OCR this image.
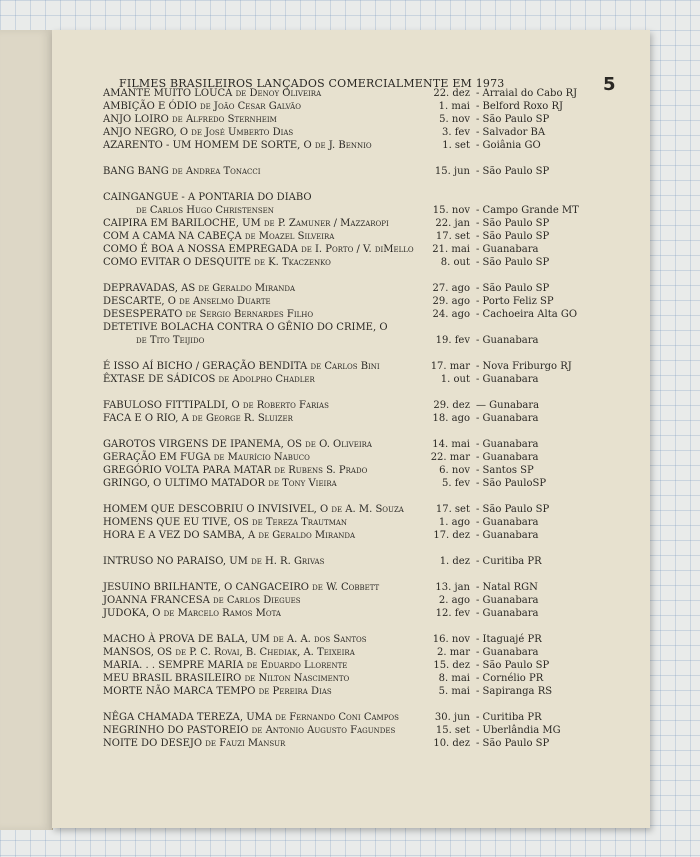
FILMES BRASILEIROS LANÇADOS COMERCIALMENTE EM 1973	5
AMANTE MUITO LOUCA de Denoy Oliveira	22. dez - Arraial do Cabo RJ
AMBIÇÃO E ÓDIO de João Cesar Galvão	1. mai - Belford Roxo RJ
ANJO LOIRO de Alfredo Sternheim	5. nov - São Paulo SP
ANJO NEGRO, O de José Umberto Dias	3. fev - Salvador BA
AZARENTO - UM HOMEM DE SORTE, O de J. Bennio	1. set - Goiânia GO
BANG BANG de Andrea Tonacci	15. jun - São Paulo SP
CAINGANGUE - A PONTARIA DO DIABO
de Carlos Hugo Christensen	15. nov - Campo Grande MT
CAIPIRA EM BARILOCHE, UM de P. Zamuner / Mazzaropi	22. jan - São Paulo SP
COM A CAMA NA CABEÇA de Moazel Silveira	17. set - São Paulo SP
COMO É BOA A NOSSA EMPREGADA de I. Porto / V. diMello	21. mai - Guanabara
COMO EVITAR O DESQUITE de K. Tkaczenko	8. out - São Paulo SP
DEPRAVADAS, AS de Geraldo Miranda	27. ago - São Paulo SP
DESCARTE, O de Anselmo Duarte	29. ago - Porto Feliz SP
DESESPERATO de Sergio Bernardes Filho	24. ago - Cachoeira Alta GO
DETETIVE BOLACHA CONTRA O GÊNIO DO CRIME, O
de Tito Teijido	19. fev - Guanabara
É ISSO AÍ BICHO / GERAÇÃO BENDITA de Carlos Bini	17. mar - Nova Friburgo RJ
ÊXTASE DE SÁDICOS de Adolpho Chadler	1. out - Guanabara
FABULOSO FITTIPALDI, O de Roberto Farias	29. dez — Gunabara
FACA E O RIO, A de George R. Sluizer	18. ago - Guanabara
GAROTOS VIRGENS DE IPANEMA, OS de O. Oliveira	14. mai - Guanabara
GERAÇÃO EM FUGA de Maurício Nabuco	22. mar - Guanabara
GREGÓRIO VOLTA PARA MATAR de Rubens S. Prado	6. nov - Santos SP
GRINGO, O ULTIMO MATADOR de Tony Vieira	5. fev - São PauloSP
HOMEM QUE DESCOBRIU O INVISIVEL, O de A. M. Souza	17. set - São Paulo SP
HOMENS QUE EU TIVE, OS de Tereza Trautman	1. ago - Guanabara
HORA E A VEZ DO SAMBA, A de Geraldo Miranda	17. dez - Guanabara
INTRUSO NO PARAISO, UM de H. R. Grivas	1. dez - Curitiba PR
JESUINO BRILHANTE, O CANGACEIRO de W. Cobbett	13. jan - Natal RGN
JOANNA FRANCESA de Carlos Diegues	2. ago - Guanabara
JUDOKA, O de Marcelo Ramos Mota	12. fev - Guanabara
MACHO À PROVA DE BALA, UM de A. A. dos Santos	16. nov - Itaguajé PR
MANSOS, OS de P. C. Rovai, B. Chediak, A. Teixeira	2. mar - Guanabara
MARIA. . . SEMPRE MARIA de Eduardo Llorente	15. dez - São Paulo SP
MEU BRASIL BRASILEIRO de Nilton Nascimento	8. mai - Cornélio PR
MORTE NÃO MARCA TEMPO de Pereira Dias	5. mai - Sapiranga RS
NÊGA CHAMADA TEREZA, UMA de Fernando Coni Campos	30. jun - Curitiba PR
NEGRINHO DO PASTOREIO de Antonio Augusto Fagundes	15. set - Uberlândia MG
NOITE DO DESEJO de Fauzi Mansur	10. dez - São Paulo SP
